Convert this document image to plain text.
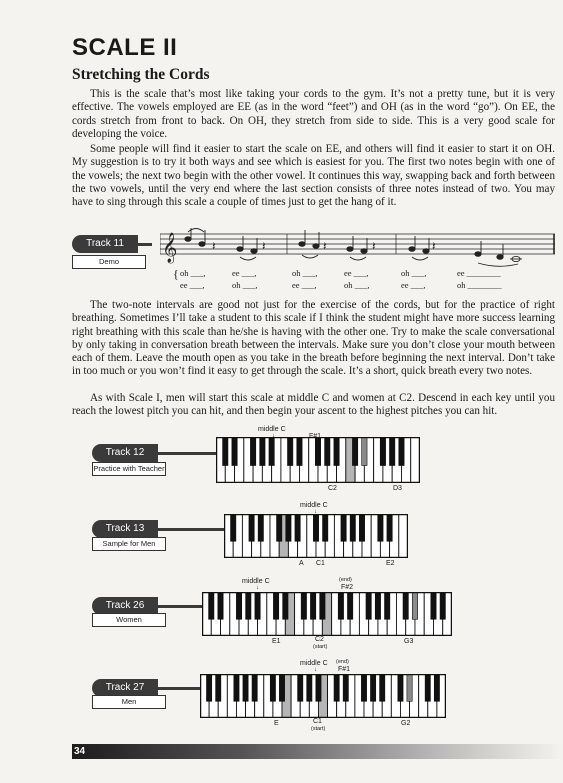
SCALE II
Stretching the Cords

This is the scale that’s most like taking your cords to the gym. It’s not a pretty tune, but it is very effective. The vowels employed are EE (as in the word “feet”) and OH (as in the word “go”). On EE, the cords stretch from front to back. On OH, they stretch from side to side. This is a very good scale for developing the voice.

Some people will find it easier to start the scale on EE, and others will find it easier to start it on OH. My suggestion is to try it both ways and see which is easiest for you. The first two notes begin with one of the vowels; the next two begin with the other vowel. It continues this way, swapping back and forth between the two vowels, until the very end where the last section consists of three notes instead of two. You may have to sing through this scale a couple of times just to get the hang of it.

Track 11
Demo	𝄞	𝄽	𝄽	𝄽	𝄽	𝄽
{ oh ___,	ee ___,	oh ___,	ee ___,	oh ___,	ee ________
ee ___,	oh ___,	ee ___,	oh ___,	ee ___,	oh ________

The two-note intervals are good not just for the exercise of the cords, but for the practice of right breathing. Sometimes I’ll take a student to this scale if I think the student might have more success learning right breathing with this scale than he/she is having with the other one. Try to make the scale conversational by only taking in conversation breath between the intervals. Make sure you don’t close your mouth between each of them. Leave the mouth open as you take in the breath before beginning the next interval. Don’t take in too much or you won’t find it easy to get through the scale. It’s a short, quick breath every two notes.

As with Scale I, men will start this scale at middle C and women at C2. Descend in each key until you reach the lowest pitch you can hit, and then begin your ascent to the highest pitches you can hit.

Track 12
Practice with Teacher
middle C
↓	F#1
C2	D3
Track 13
Sample for Men
middle C
↓
A C1	E2
Track 26
Women
middle C
↓
(end)
F#2
E1	C2
(start)
G3
Track 27
Men
middle C
↓
(end)
F#1
E	C1
(start)
G2
34
